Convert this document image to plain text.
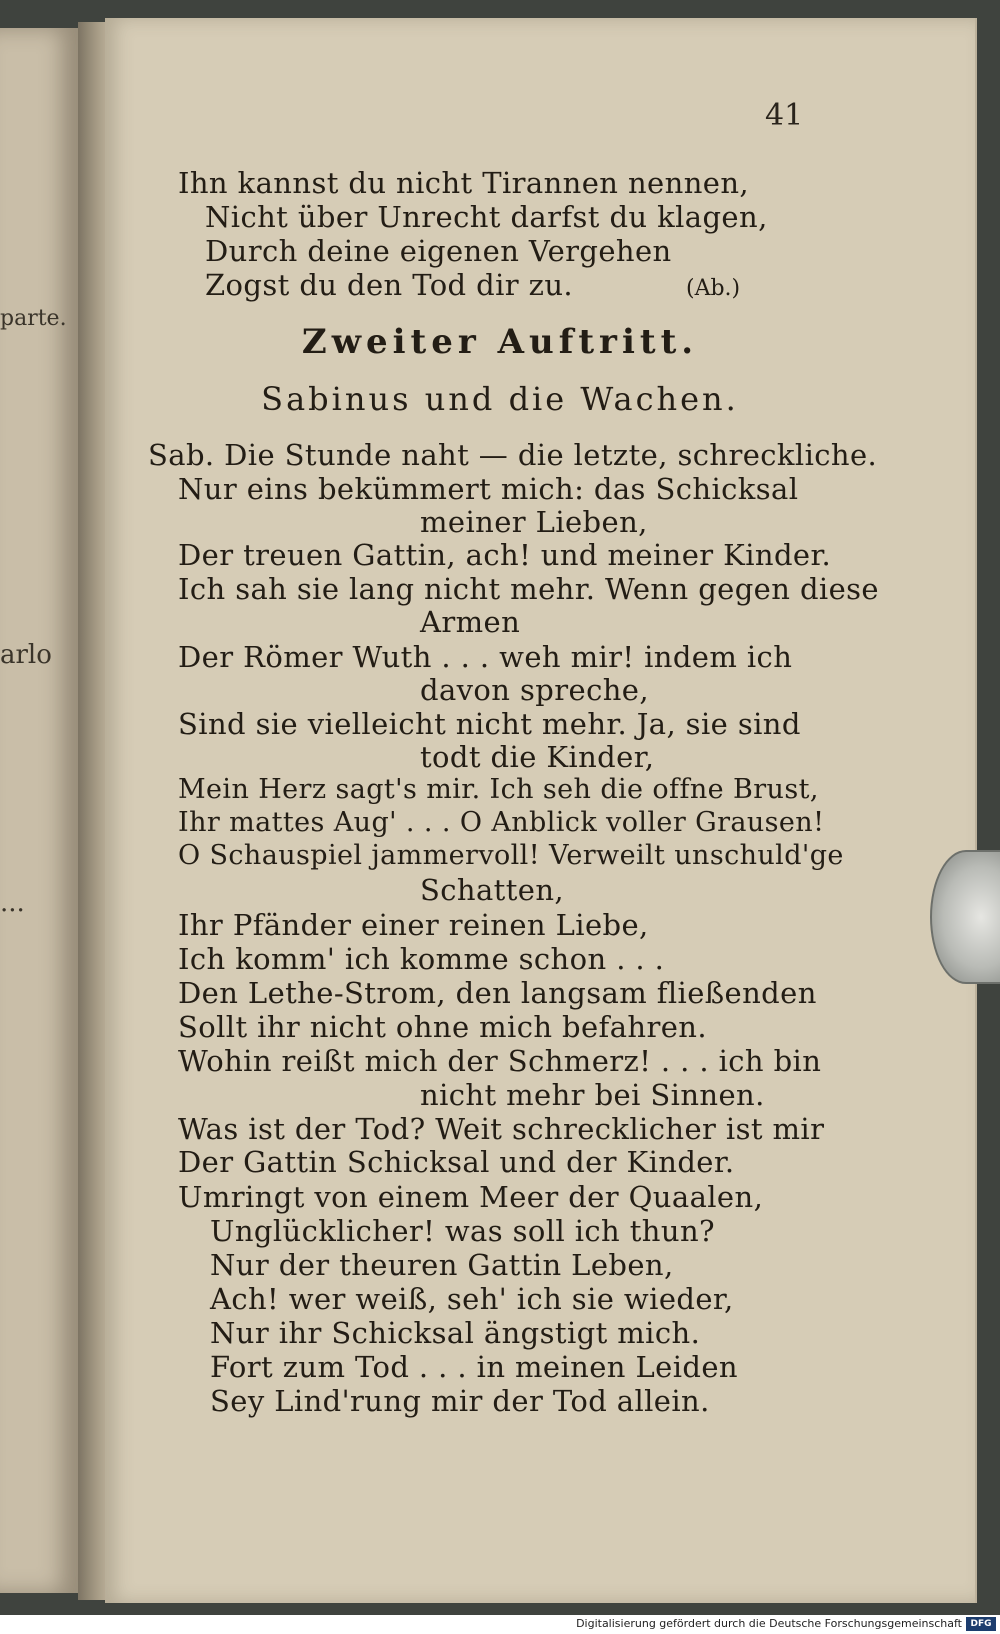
parte.
arlo
...
41

Ihn kannst du nicht Tirannen nennen,

Nicht über Unrecht darfst du klagen,

Durch deine eigenen Vergehen

Zogst du den Tod dir zu.	(Ab.)

Zweiter Auftritt.

Sabinus und die Wachen.

Sab. Die Stunde naht — die letzte, schreckliche.

Nur eins bekümmert mich: das Schicksal

meiner Lieben,

Der treuen Gattin, ach! und meiner Kinder.

Ich sah sie lang nicht mehr. Wenn gegen diese

Armen

Der Römer Wuth . . . weh mir! indem ich

davon spreche,

Sind sie vielleicht nicht mehr. Ja, sie sind

todt die Kinder,

Mein Herz sagt's mir. Ich seh die offne Brust,

Ihr mattes Aug' . . . O Anblick voller Grausen!

O Schauspiel jammervoll! Verweilt unschuld'ge

Schatten,

Ihr Pfänder einer reinen Liebe,

Ich komm' ich komme schon . . .

Den Lethe-Strom, den langsam fließenden

Sollt ihr nicht ohne mich befahren.

Wohin reißt mich der Schmerz! . . . ich bin

nicht mehr bei Sinnen.

Was ist der Tod? Weit schrecklicher ist mir

Der Gattin Schicksal und der Kinder.

Umringt von einem Meer der Quaalen,

Unglücklicher! was soll ich thun?

Nur der theuren Gattin Leben,

Ach! wer weiß, seh' ich sie wieder,

Nur ihr Schicksal ängstigt mich.

Fort zum Tod . . . in meinen Leiden

Sey Lind'rung mir der Tod allein.

Digitalisierung gefördert durch die Deutsche Forschungsgemeinschaft DFG
